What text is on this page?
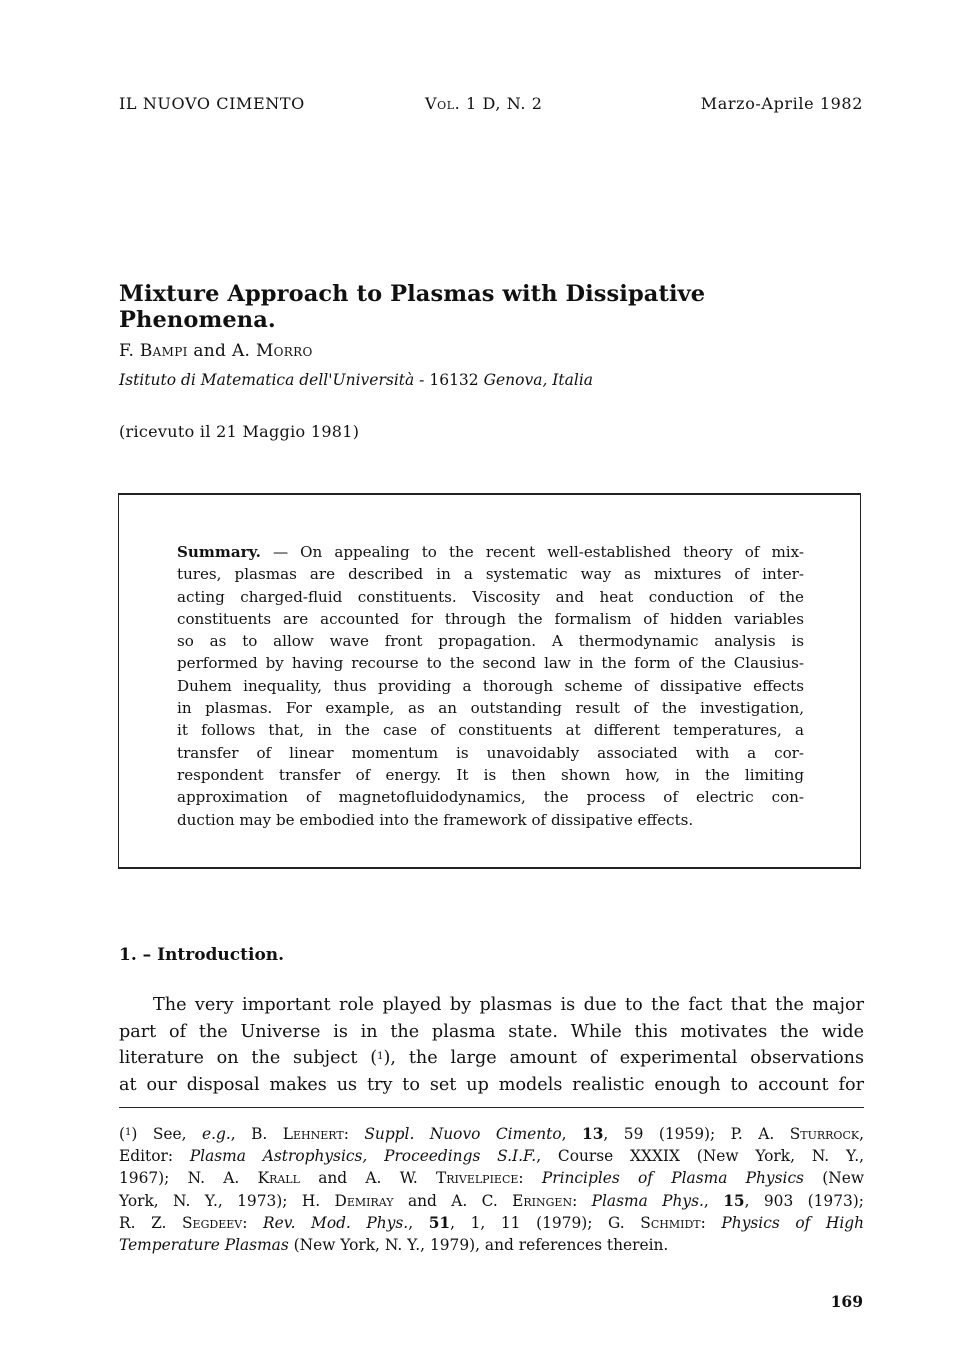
IL NUOVO CIMENTO	Vol. 1 D, N. 2	Marzo-Aprile 1982
Mixture Approach to Plasmas with Dissipative Phenomena.
F. Bampi and A. Morro
Istituto di Matematica dell'Università - 16132 Genova, Italia
(ricevuto il 21 Maggio 1981)
Summary. — On appealing to the recent well-established theory of mix-
tures, plasmas are described in a systematic way as mixtures of inter-
acting charged-fluid constituents. Viscosity and heat conduction of the
constituents are accounted for through the formalism of hidden variables
so as to allow wave front propagation. A thermodynamic analysis is
performed by having recourse to the second law in the form of the Clausius-
Duhem inequality, thus providing a thorough scheme of dissipative effects
in plasmas. For example, as an outstanding result of the investigation,
it follows that, in the case of constituents at different temperatures, a
transfer of linear momentum is unavoidably associated with a cor-
respondent transfer of energy. It is then shown how, in the limiting
approximation of magnetofluidodynamics, the process of electric con-
duction may be embodied into the framework of dissipative effects.
1. – Introduction.
The very important role played by plasmas is due to the fact that the major
part of the Universe is in the plasma state. While this motivates the wide
literature on the subject ($^1$), the large amount of experimental observations
at our disposal makes us try to set up models realistic enough to account for
($^1$) See, e.g., B. Lehnert: Suppl. Nuovo Cimento, 13, 59 (1959); P. A. Sturrock,
Editor: Plasma Astrophysics, Proceedings S.I.F., Course XXXIX (New York, N. Y.,
1967); N. A. Krall and A. W. Trivelpiece: Principles of Plasma Physics (New
York, N. Y., 1973); H. Demiray and A. C. Eringen: Plasma Phys., 15, 903 (1973);
R. Z. Segdeev: Rev. Mod. Phys., 51, 1, 11 (1979); G. Schmidt: Physics of High
Temperature Plasmas (New York, N. Y., 1979), and references therein.
169
